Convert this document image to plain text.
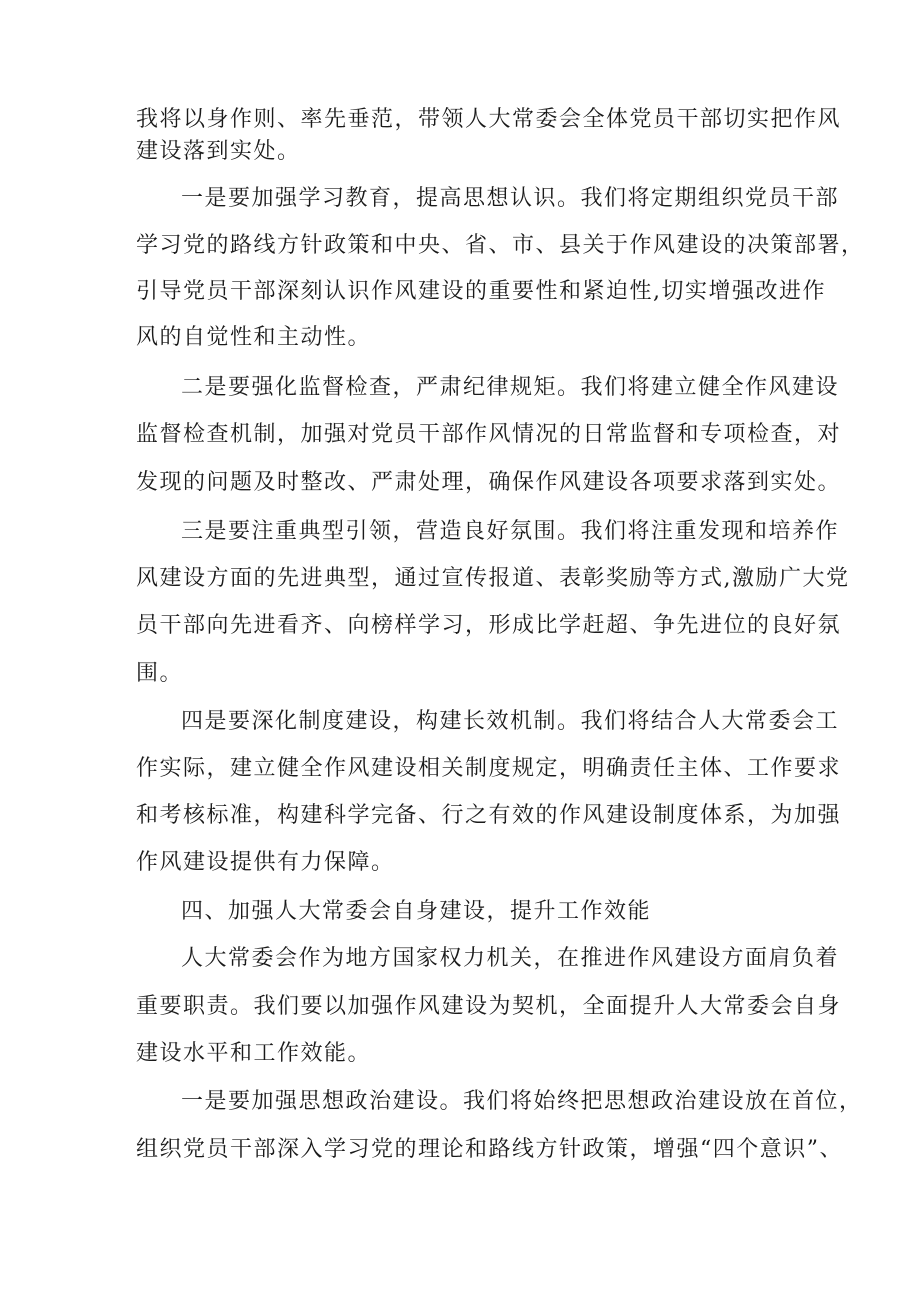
我将以身作则、率先垂范，带领人大常委会全体党员干部切实把作风
建设落到实处。
一是要加强学习教育，提高思想认识。我们将定期组织党员干部
学习党的路线方针政策和中央、省、市、县关于作风建设的决策部署，
引导党员干部深刻认识作风建设的重要性和紧迫性,切实增强改进作
风的自觉性和主动性。
二是要强化监督检查，严肃纪律规矩。我们将建立健全作风建设
监督检查机制，加强对党员干部作风情况的日常监督和专项检查，对
发现的问题及时整改、严肃处理，确保作风建设各项要求落到实处。
三是要注重典型引领，营造良好氛围。我们将注重发现和培养作
风建设方面的先进典型，通过宣传报道、表彰奖励等方式,激励广大党
员干部向先进看齐、向榜样学习，形成比学赶超、争先进位的良好氛
围。
四是要深化制度建设，构建长效机制。我们将结合人大常委会工
作实际，建立健全作风建设相关制度规定，明确责任主体、工作要求
和考核标准，构建科学完备、行之有效的作风建设制度体系，为加强
作风建设提供有力保障。
四、加强人大常委会自身建设，提升工作效能
人大常委会作为地方国家权力机关，在推进作风建设方面肩负着
重要职责。我们要以加强作风建设为契机，全面提升人大常委会自身
建设水平和工作效能。
一是要加强思想政治建设。我们将始终把思想政治建设放在首位，
组织党员干部深入学习党的理论和路线方针政策，增强“四个意识”、
